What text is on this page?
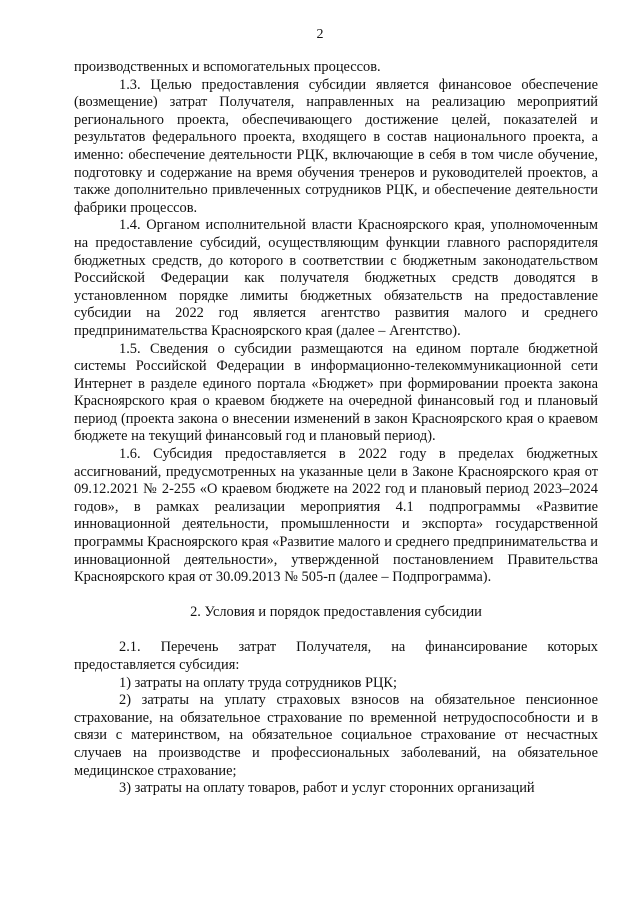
2

производственных и вспомогательных процессов.

1.3. Целью предоставления субсидии является финансовое обеспечение (возмещение) затрат Получателя, направленных на реализацию мероприятий регионального проекта, обеспечивающего достижение целей, показателей и результатов федерального проекта, входящего в состав национального проекта, а именно: обеспечение деятельности РЦК, включающие в себя в том числе обучение, подготовку и содержание на время обучения тренеров и руководителей проектов, а также дополнительно привлеченных сотрудников РЦК, и обеспечение деятельности фабрики процессов.

1.4. Органом исполнительной власти Красноярского края, уполномоченным на предоставление субсидий, осуществляющим функции главного распорядителя бюджетных средств, до которого в соответствии с бюджетным законодательством Российской Федерации как получателя бюджетных средств доводятся в установленном порядке лимиты бюджетных обязательств на предоставление субсидии на 2022 год является агентство развития малого и среднего предпринимательства Красноярского края (далее – Агентство).

1.5. Сведения о субсидии размещаются на едином портале бюджетной системы Российской Федерации в информационно-телекоммуникационной сети Интернет в разделе единого портала «Бюджет» при формировании проекта закона Красноярского края о краевом бюджете на очередной финансовый год и плановый период (проекта закона о внесении изменений в закон Красноярского края о краевом бюджете на текущий финансовый год и плановый период).

1.6. Субсидия предоставляется в 2022 году в пределах бюджетных ассигнований, предусмотренных на указанные цели в Законе Красноярского края от 09.12.2021 № 2-255 «О краевом бюджете на 2022 год и плановый период 2023–2024 годов», в рамках реализации мероприятия 4.1 подпрограммы «Развитие инновационной деятельности, промышленности и экспорта» государственной программы Красноярского края «Развитие малого и среднего предпринимательства и инновационной деятельности», утвержденной постановлением Правительства Красноярского края от 30.09.2013 № 505-п (далее – Подпрограмма).

2. Условия и порядок предоставления субсидии

2.1. Перечень затрат Получателя, на финансирование которых предоставляется субсидия:

1) затраты на оплату труда сотрудников РЦК;

2) затраты на уплату страховых взносов на обязательное пенсионное страхование, на обязательное страхование по временной нетрудоспособности и в связи с материнством, на обязательное социальное страхование от несчастных случаев на производстве и профессиональных заболеваний, на обязательное медицинское страхование;

3) затраты на оплату товаров, работ и услуг сторонних организаций
